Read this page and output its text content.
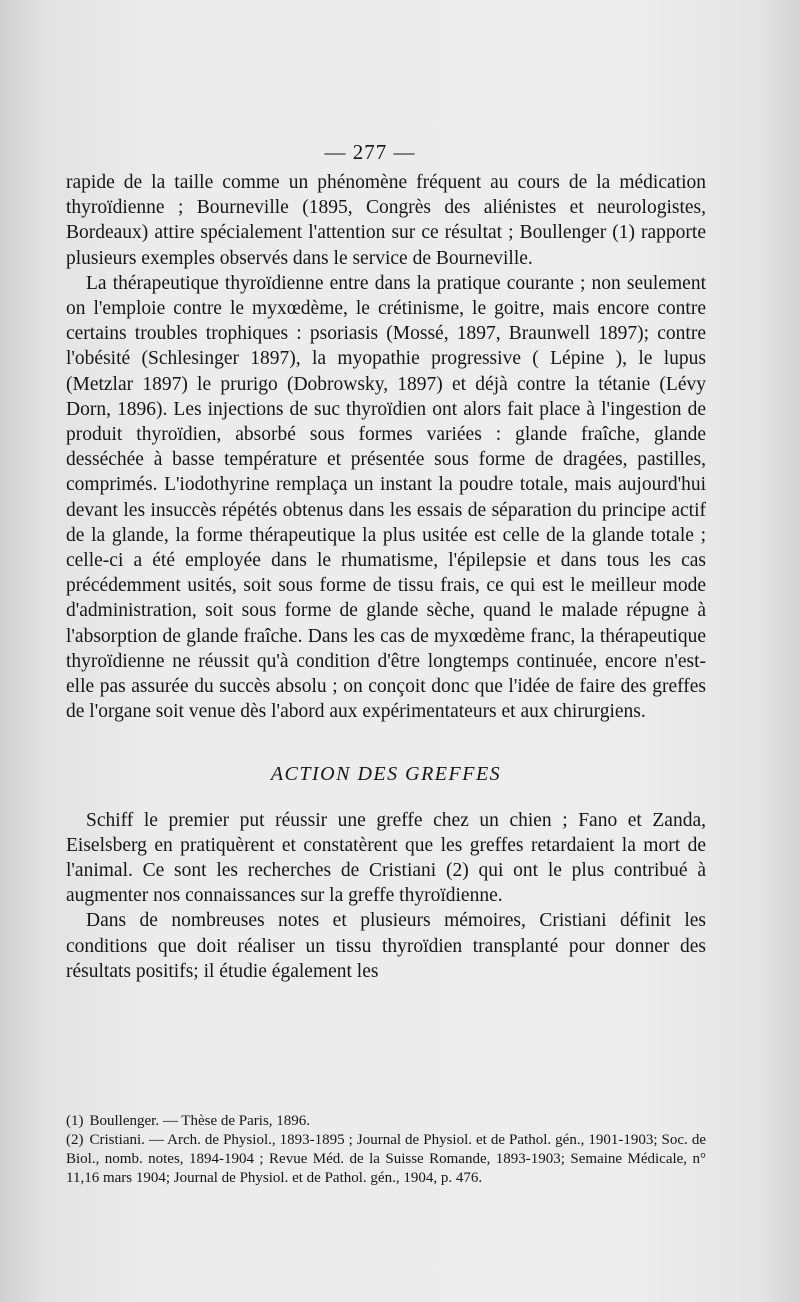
— 277 —

rapide de la taille comme un phénomène fréquent au cours de la médication thyroïdienne ; Bourneville (1895, Congrès des aliénistes et neurologistes, Bordeaux) attire spécialement l'attention sur ce résultat ; Boullenger (1) rapporte plusieurs exemples observés dans le service de Bourneville.

La thérapeutique thyroïdienne entre dans la pratique courante ; non seulement on l'emploie contre le myxœdème, le crétinisme, le goitre, mais encore contre certains troubles trophiques : psoriasis (Mossé, 1897, Braunwell 1897); contre l'obésité (Schlesinger 1897), la myopathie progressive ( Lépine ), le lupus (Metzlar 1897) le prurigo (Dobrowsky, 1897) et déjà contre la tétanie (Lévy Dorn, 1896). Les injections de suc thyroïdien ont alors fait place à l'ingestion de produit thyroïdien, absorbé sous formes variées : glande fraîche, glande desséchée à basse température et présentée sous forme de dragées, pastilles, comprimés. L'iodothyrine remplaça un instant la poudre totale, mais aujourd'hui devant les insuccès répétés obtenus dans les essais de séparation du principe actif de la glande, la forme thérapeutique la plus usitée est celle de la glande totale ; celle-ci a été employée dans le rhumatisme, l'épilepsie et dans tous les cas précédemment usités, soit sous forme de tissu frais, ce qui est le meilleur mode d'administration, soit sous forme de glande sèche, quand le malade répugne à l'absorption de glande fraîche. Dans les cas de myxœdème franc, la thérapeutique thyroïdienne ne réussit qu'à condition d'être longtemps continuée, encore n'est-elle pas assurée du succès absolu ; on conçoit donc que l'idée de faire des greffes de l'organe soit venue dès l'abord aux expérimentateurs et aux chirurgiens.

ACTION DES GREFFES

Schiff le premier put réussir une greffe chez un chien ; Fano et Zanda, Eiselsberg en pratiquèrent et constatèrent que les greffes retardaient la mort de l'animal. Ce sont les recherches de Cristiani (2) qui ont le plus contribué à augmenter nos connaissances sur la greffe thyroïdienne.

Dans de nombreuses notes et plusieurs mémoires, Cristiani définit les conditions que doit réaliser un tissu thyroïdien transplanté pour donner des résultats positifs; il étudie également les

(1) Boullenger. — Thèse de Paris, 1896.

(2) Cristiani. — Arch. de Physiol., 1893-1895 ; Journal de Physiol. et de Pathol. gén., 1901-1903; Soc. de Biol., nomb. notes, 1894-1904 ; Revue Méd. de la Suisse Romande, 1893-1903; Semaine Médicale, n° 11,16 mars 1904; Journal de Physiol. et de Pathol. gén., 1904, p. 476.
